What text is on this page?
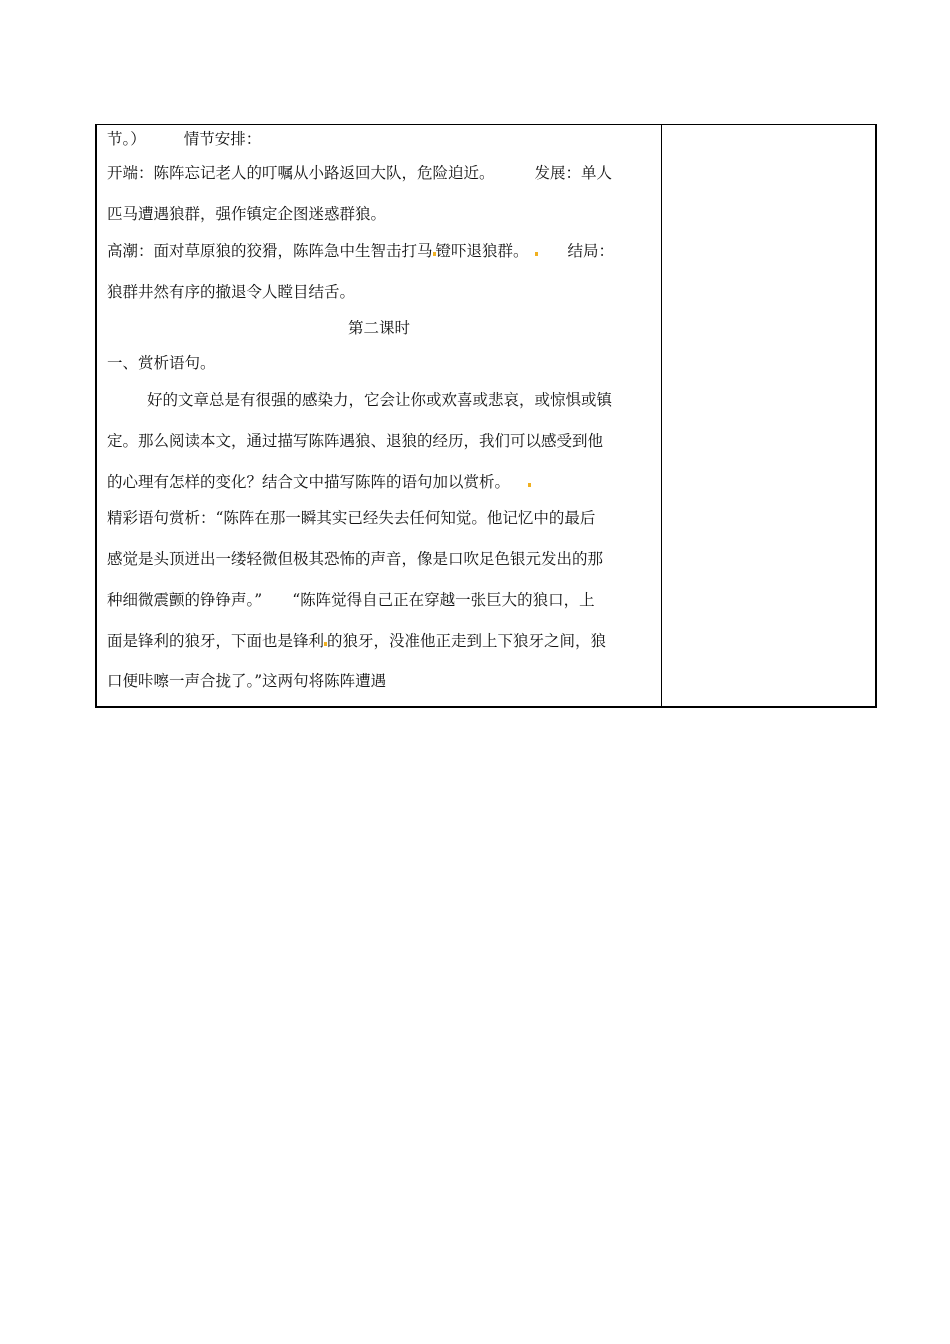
节。） 情节安排：
开端：陈阵忘记老人的叮嘱从小路返回大队，危险迫近。	发展：单人
匹马遭遇狼群，强作镇定企图迷惑群狼。
高潮：面对草原狼的狡猾，陈阵急中生智击打马 镫吓退狼群。	结局：
狼群井然有序的撤退令人瞠目结舌。
第二课时
一、赏析语句。
好的文章总是有很强的感染力，它会让你或欢喜或悲哀，或惊惧或镇
定。那么阅读本文，通过描写陈阵遇狼、退狼的经历，我们可以感受到他
的心理有怎样的变化？结合文中描写陈阵的语句加以赏析。
精彩语句赏析：“陈阵在那一瞬其实已经失去任何知觉。他记忆中的最后
感觉是头顶迸出一缕轻微但极其恐怖的声音，像是口吹足色银元发出的那
种细微震颤的铮铮声。” “陈阵觉得自己正在穿越一张巨大的狼口，上
面是锋利的狼牙，下面也是锋利 的狼牙，没准他正走到上下狼牙之间，狼
口便咔嚓一声合拢了。”这两句将陈阵遭遇
